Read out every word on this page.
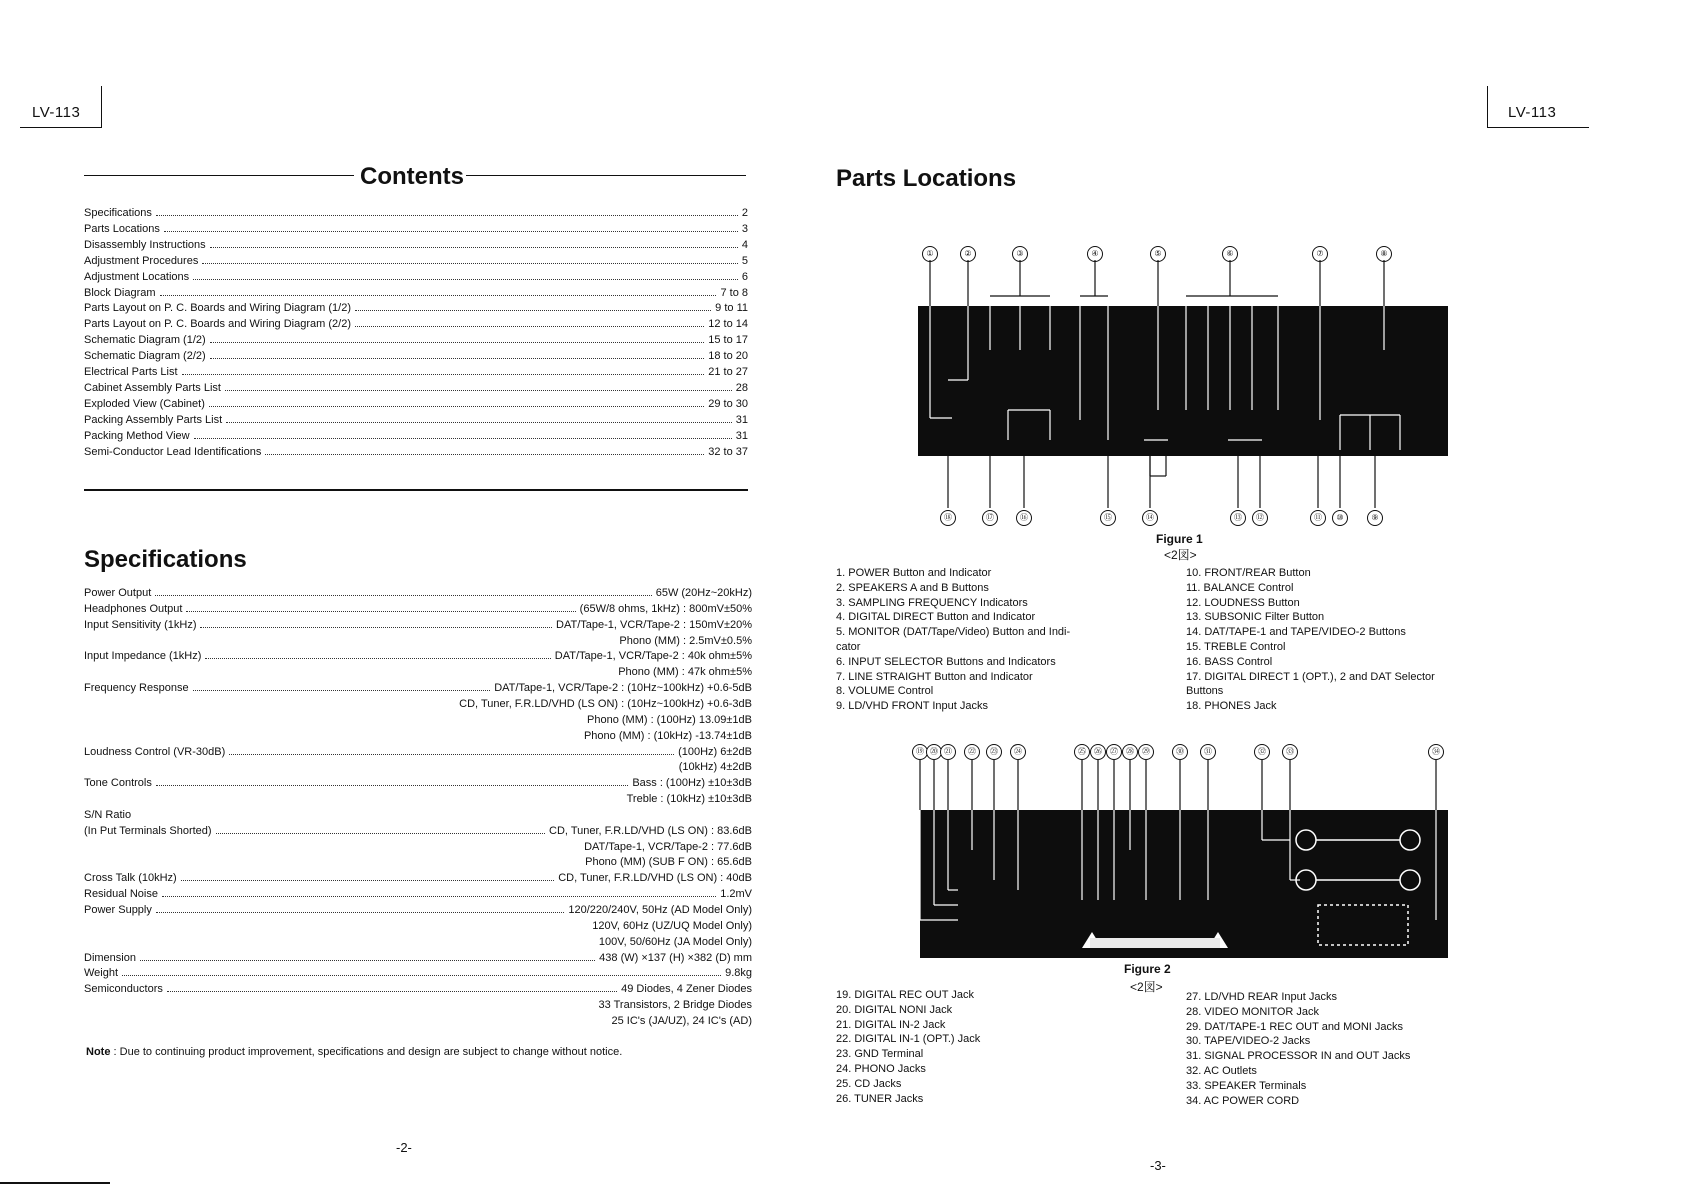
LV-113
Contents
Specifications	2
Parts Locations	3
Disassembly Instructions	4
Adjustment Procedures	5
Adjustment Locations	6
Block Diagram	7 to 8
Parts Layout on P. C. Boards and Wiring Diagram (1/2)	9 to 11
Parts Layout on P. C. Boards and Wiring Diagram (2/2)	12 to 14
Schematic Diagram (1/2)	15 to 17
Schematic Diagram (2/2)	18 to 20
Electrical Parts List	21 to 27
Cabinet Assembly Parts List	28
Exploded View (Cabinet)	29 to 30
Packing Assembly Parts List	31
Packing Method View	31
Semi-Conductor Lead Identifications	32 to 37
Specifications
Power Output	65W (20Hz~20kHz)
Headphones Output	(65W/8 ohms, 1kHz) : 800mV±50%
Input Sensitivity (1kHz)	DAT/Tape-1, VCR/Tape-2 : 150mV±20%
Phono (MM) : 2.5mV±0.5%
Input Impedance (1kHz)	DAT/Tape-1, VCR/Tape-2 : 40k ohm±5%
Phono (MM) : 47k ohm±5%
Frequency Response	DAT/Tape-1, VCR/Tape-2 : (10Hz~100kHz) +0.6-5dB
CD, Tuner, F.R.LD/VHD (LS ON) : (10Hz~100kHz) +0.6-3dB
Phono (MM) : (100Hz) 13.09±1dB
Phono (MM) : (10kHz) -13.74±1dB
Loudness Control (VR-30dB)	(100Hz) 6±2dB
(10kHz) 4±2dB
Tone Controls	Bass : (100Hz) ±10±3dB
Treble : (10kHz) ±10±3dB
S/N Ratio
(In Put Terminals Shorted)	CD, Tuner, F.R.LD/VHD (LS ON) : 83.6dB
DAT/Tape-1, VCR/Tape-2 : 77.6dB
Phono (MM) (SUB F ON) : 65.6dB
Cross Talk (10kHz)	CD, Tuner, F.R.LD/VHD (LS ON) : 40dB
Residual Noise	1.2mV
Power Supply	120/220/240V, 50Hz (AD Model Only)
120V, 60Hz (UZ/UQ Model Only)
100V, 50/60Hz (JA Model Only)
Dimension	438 (W) ×137 (H) ×382 (D) mm
Weight	9.8kg
Semiconductors	49 Diodes, 4 Zener Diodes
33 Transistors, 2 Bridge Diodes
25 IC's (JA/UZ), 24 IC's (AD)
Note : Due to continuing product improvement, specifications and design are subject to change without notice.
-2-
LV-113
Parts Locations
①	②	③	④	⑤	⑥	⑦	⑧
⑱	⑰	⑯	⑮	⑭	⑬	⑫	⑪	⑩	⑨
Figure 1
<2図>
1. POWER Button and Indicator
2. SPEAKERS A and B Buttons
3. SAMPLING FREQUENCY Indicators
4. DIGITAL DIRECT Button and Indicator
5. MONITOR (DAT/Tape/Video) Button and Indi-
cator
6. INPUT SELECTOR Buttons and Indicators
7. LINE STRAIGHT Button and Indicator
8. VOLUME Control
9. LD/VHD FRONT Input Jacks
10. FRONT/REAR Button
11. BALANCE Control
12. LOUDNESS Button
13. SUBSONIC Filter Button
14. DAT/TAPE-1 and TAPE/VIDEO-2 Buttons
15. TREBLE Control
16. BASS Control
17. DIGITAL DIRECT 1 (OPT.), 2 and DAT Selector
Buttons
18. PHONES Jack
⑲ ⑳ ㉑	㉒	㉓	㉔	㉕	㉖	㉗	㉘	㉙	㉚	㉛	㉜	㉝	㉞
Figure 2
<2図>
19. DIGITAL REC OUT Jack
20. DIGITAL NONI Jack
21. DIGITAL IN-2 Jack
22. DIGITAL IN-1 (OPT.) Jack
23. GND Terminal
24. PHONO Jacks
25. CD Jacks
26. TUNER Jacks
27. LD/VHD REAR Input Jacks
28. VIDEO MONITOR Jack
29. DAT/TAPE-1 REC OUT and MONI Jacks
30. TAPE/VIDEO-2 Jacks
31. SIGNAL PROCESSOR IN and OUT Jacks
32. AC Outlets
33. SPEAKER Terminals
34. AC POWER CORD
-3-
